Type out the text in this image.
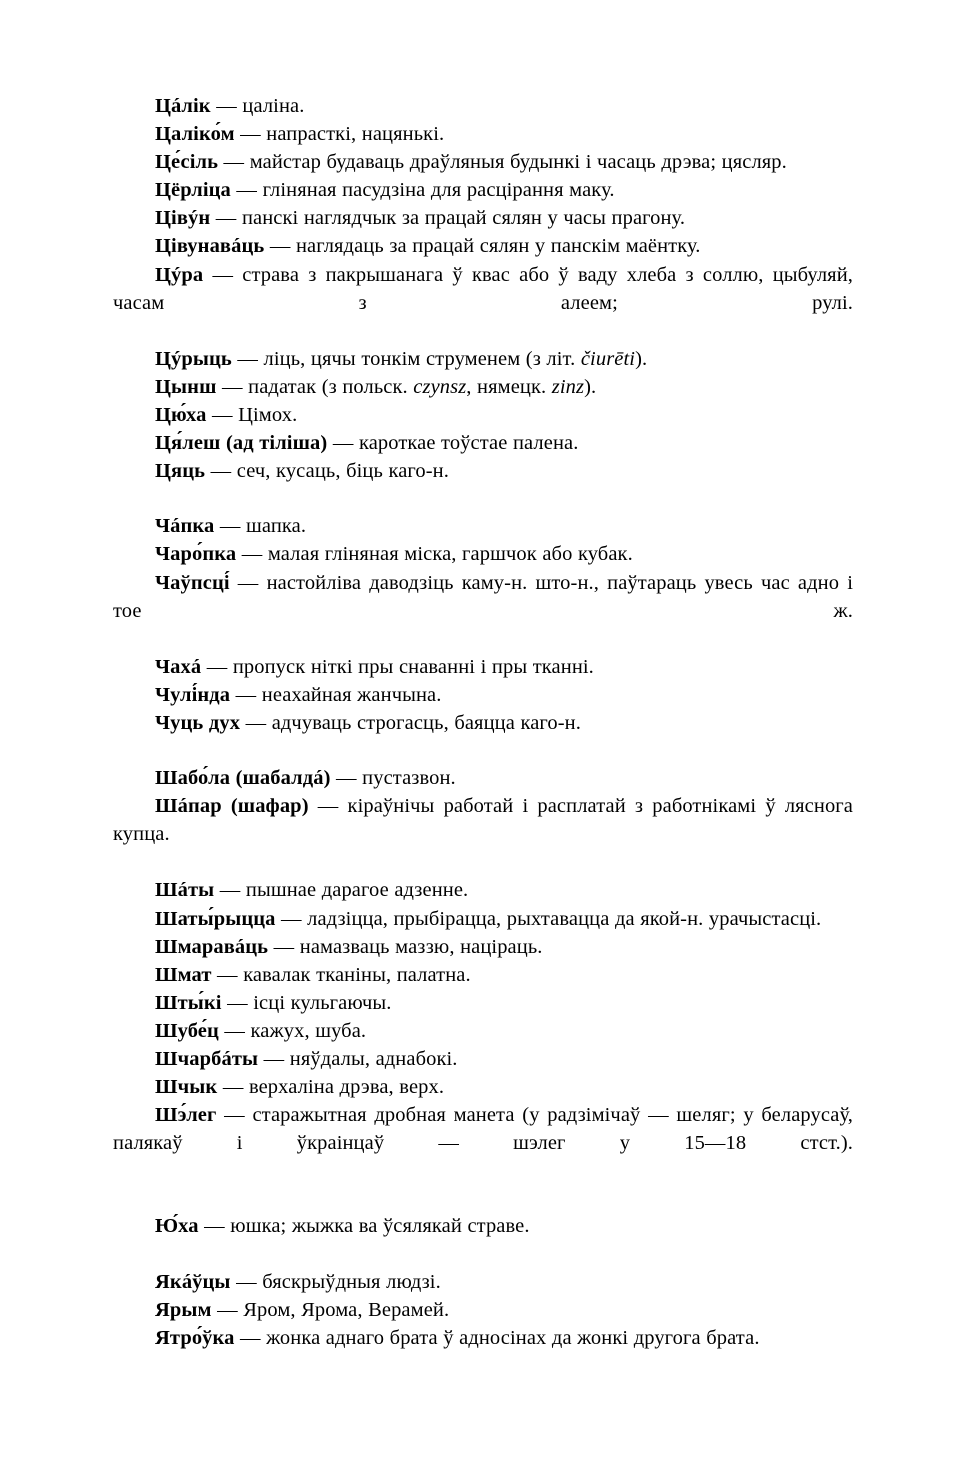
Цáлік — цаліна.

Цаліко́м — напрасткі, нацянькі.

Це́сіль — майстар будаваць драўляныя будынкі і часаць дрэва; цясляр.

Цёрліца — гліняная пасудзіна для расцірання маку.

Цівýн — панскі наглядчык за працай сялян у часы прагону.

Цівунавáць — наглядаць за працай сялян у панскім маёнтку.

Цýра — страва з пакрышанага ў квас або ў ваду хлеба з соллю, цыбуляй, часам з алеем; рулі.

Цýрыць — ліць, цячы тонкім струменем (з літ. čiurēti).

Цынш — падатак (з польск. czynsz, нямецк. zinz).

Цю́ха — Цімох.

Ця́леш (ад тіліша) — кароткае тоўстае палена.

Цяць — сеч, кусаць, біць каго-н.

Чáпка — шапка.

Чаро́пка — малая гліняная міска, гаршчок або кубак.

Чаўпсці́ — настойліва даводзіць каму-н. што-н., паўтараць увесь час адно і тое ж.

Чахá — пропуск ніткі пры снаванні і пры тканні.

Чулі́нда — неахайная жанчына.

Чуць дух — адчуваць строгасць, баяцца каго-н.

Шабо́ла (шабалдá) — пустазвон.

Шáпар (шафар) — кіраўнічы работай і расплатай з работнікамі ў ляснога купца.

Шáты — пышнае дарагое адзенне.

Шаты́рыцца — ладзіцца, прыбірацца, рыхтавацца да якой-н. урачыстасці.

Шмаравáць — намазваць маззю, націраць.

Шмат — кавалак тканіны, палатна.

Шты́кі — ісці кульгаючы.

Шубе́ц — кажух, шуба.

Шчарбáты — няўдалы, аднабокі.

Шчык — верхаліна дрэва, верх.

Шэ́лег — старажытная дробная манета (у радзімічаў — шеляг; у беларусаў, палякаў і ўкраінцаў — шэлег у 15—18 стст.).

Ю́ха — юшка; жыжка ва ўсялякай страве.

Якáўцы — бяскрыўдныя людзі.

Ярым — Яром, Ярома, Верамей.

Ятро́ўка — жонка аднаго брата ў адносінах да жонкі другога брата.
